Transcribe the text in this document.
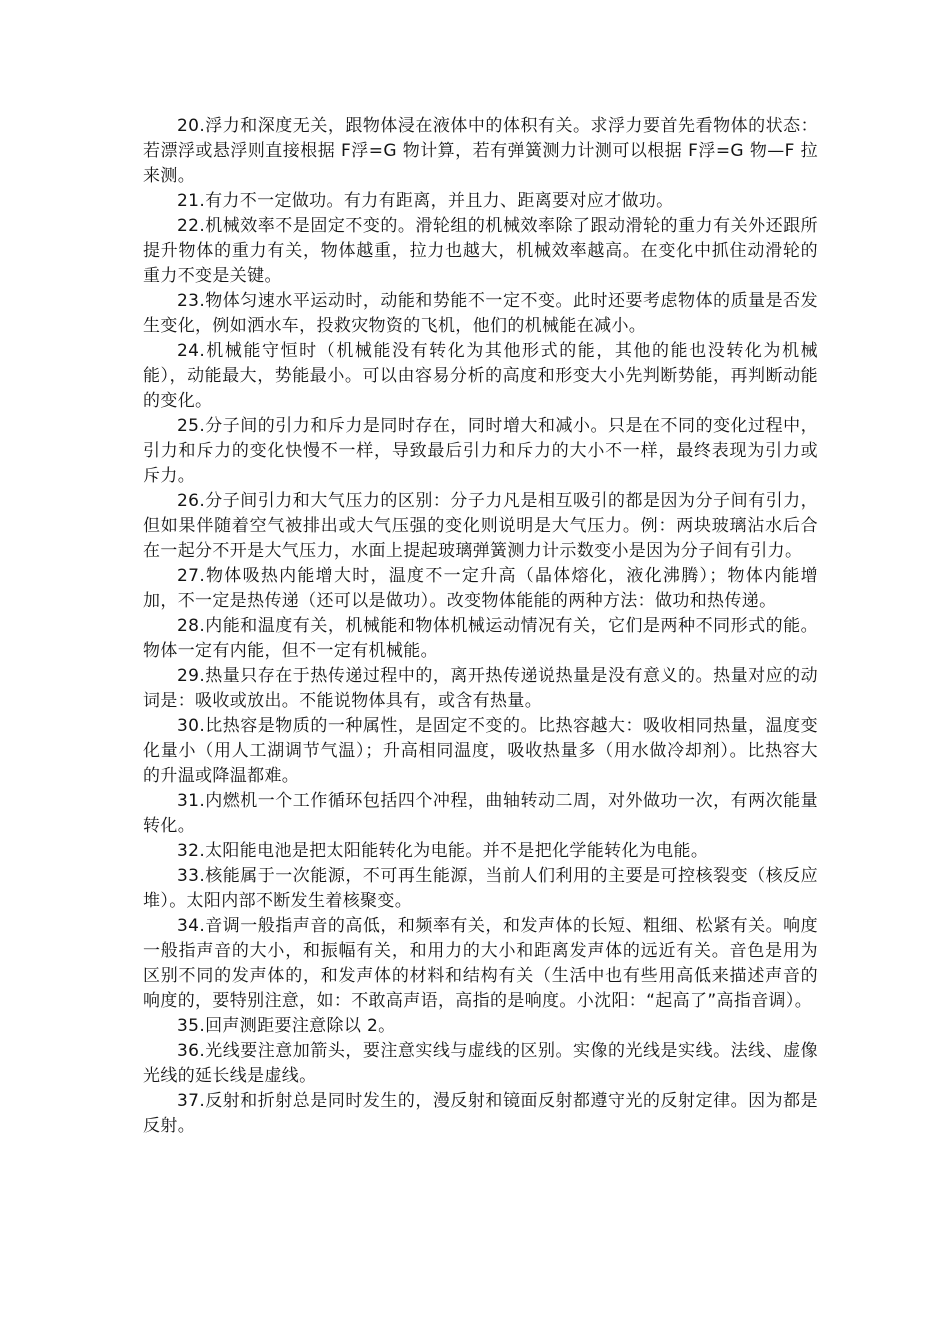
20.浮力和深度无关，跟物体浸在液体中的体积有关。求浮力要首先看物体的状态：若漂浮或悬浮则直接根据 F浮=G 物计算，若有弹簧测力计测可以根据 F浮=G 物—F 拉来测。

21.有力不一定做功。有力有距离，并且力、距离要对应才做功。

22.机械效率不是固定不变的。滑轮组的机械效率除了跟动滑轮的重力有关外还跟所提升物体的重力有关，物体越重，拉力也越大，机械效率越高。在变化中抓住动滑轮的重力不变是关键。

23.物体匀速水平运动时，动能和势能不一定不变。此时还要考虑物体的质量是否发生变化，例如洒水车，投救灾物资的飞机，他们的机械能在减小。

24.机械能守恒时（机械能没有转化为其他形式的能，其他的能也没转化为机械能），动能最大，势能最小。可以由容易分析的高度和形变大小先判断势能，再判断动能的变化。

25.分子间的引力和斥力是同时存在，同时增大和减小。只是在不同的变化过程中，引力和斥力的变化快慢不一样，导致最后引力和斥力的大小不一样，最终表现为引力或斥力。

26.分子间引力和大气压力的区别：分子力凡是相互吸引的都是因为分子间有引力，但如果伴随着空气被排出或大气压强的变化则说明是大气压力。例：两块玻璃沾水后合在一起分不开是大气压力，水面上提起玻璃弹簧测力计示数变小是因为分子间有引力。

27.物体吸热内能增大时，温度不一定升高（晶体熔化，液化沸腾）；物体内能增加，不一定是热传递（还可以是做功）。改变物体能能的两种方法：做功和热传递。

28.内能和温度有关，机械能和物体机械运动情况有关，它们是两种不同形式的能。物体一定有内能，但不一定有机械能。

29.热量只存在于热传递过程中的，离开热传递说热量是没有意义的。热量对应的动词是：吸收或放出。不能说物体具有，或含有热量。

30.比热容是物质的一种属性，是固定不变的。比热容越大：吸收相同热量，温度变化量小（用人工湖调节气温）；升高相同温度，吸收热量多（用水做冷却剂）。比热容大的升温或降温都难。

31.内燃机一个工作循环包括四个冲程，曲轴转动二周，对外做功一次，有两次能量转化。

32.太阳能电池是把太阳能转化为电能。并不是把化学能转化为电能。

33.核能属于一次能源，不可再生能源，当前人们利用的主要是可控核裂变（核反应堆）。太阳内部不断发生着核聚变。

34.音调一般指声音的高低，和频率有关，和发声体的长短、粗细、松紧有关。响度一般指声音的大小，和振幅有关，和用力的大小和距离发声体的远近有关。音色是用为区别不同的发声体的，和发声体的材料和结构有关（生活中也有些用高低来描述声音的响度的，要特别注意，如：不敢高声语，高指的是响度。小沈阳：“起高了”高指音调）。

35.回声测距要注意除以 2。

36.光线要注意加箭头，要注意实线与虚线的区别。实像的光线是实线。法线、虚像光线的延长线是虚线。

37.反射和折射总是同时发生的，漫反射和镜面反射都遵守光的反射定律。因为都是反射。
